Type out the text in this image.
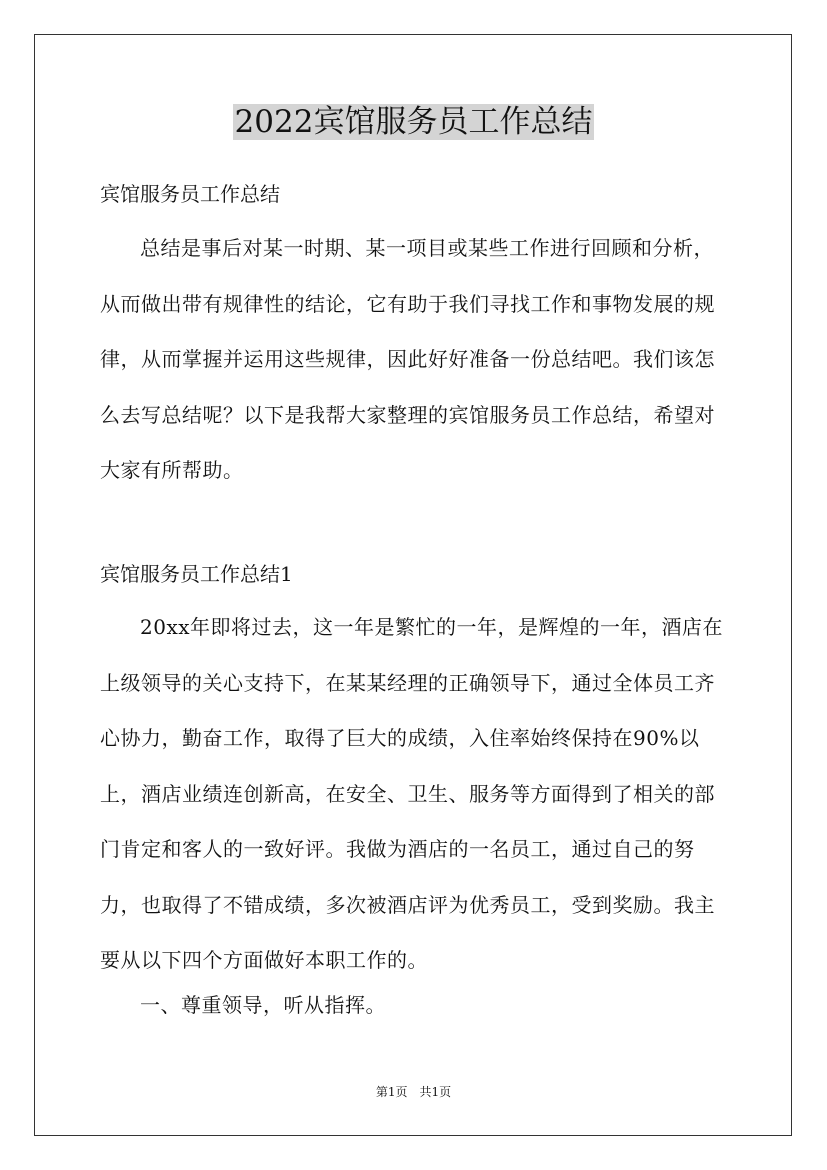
2022宾馆服务员工作总结
宾馆服务员工作总结
总结是事后对某一时期、某一项目或某些工作进行回顾和分析，从而做出带有规律性的结论，它有助于我们寻找工作和事物发展的规律，从而掌握并运用这些规律，因此好好准备一份总结吧。我们该怎么去写总结呢？以下是我帮大家整理的宾馆服务员工作总结，希望对大家有所帮助。
宾馆服务员工作总结1
20xx年即将过去，这一年是繁忙的一年，是辉煌的一年，酒店在上级领导的关心支持下，在某某经理的正确领导下，通过全体员工齐心协力，勤奋工作，取得了巨大的成绩，入住率始终保持在90%以上，酒店业绩连创新高，在安全、卫生、服务等方面得到了相关的部门肯定和客人的一致好评。我做为酒店的一名员工，通过自己的努力，也取得了不错成绩，多次被酒店评为优秀员工，受到奖励。我主要从以下四个方面做好本职工作的。
一、尊重领导，听从指挥。
第1页　共1页
